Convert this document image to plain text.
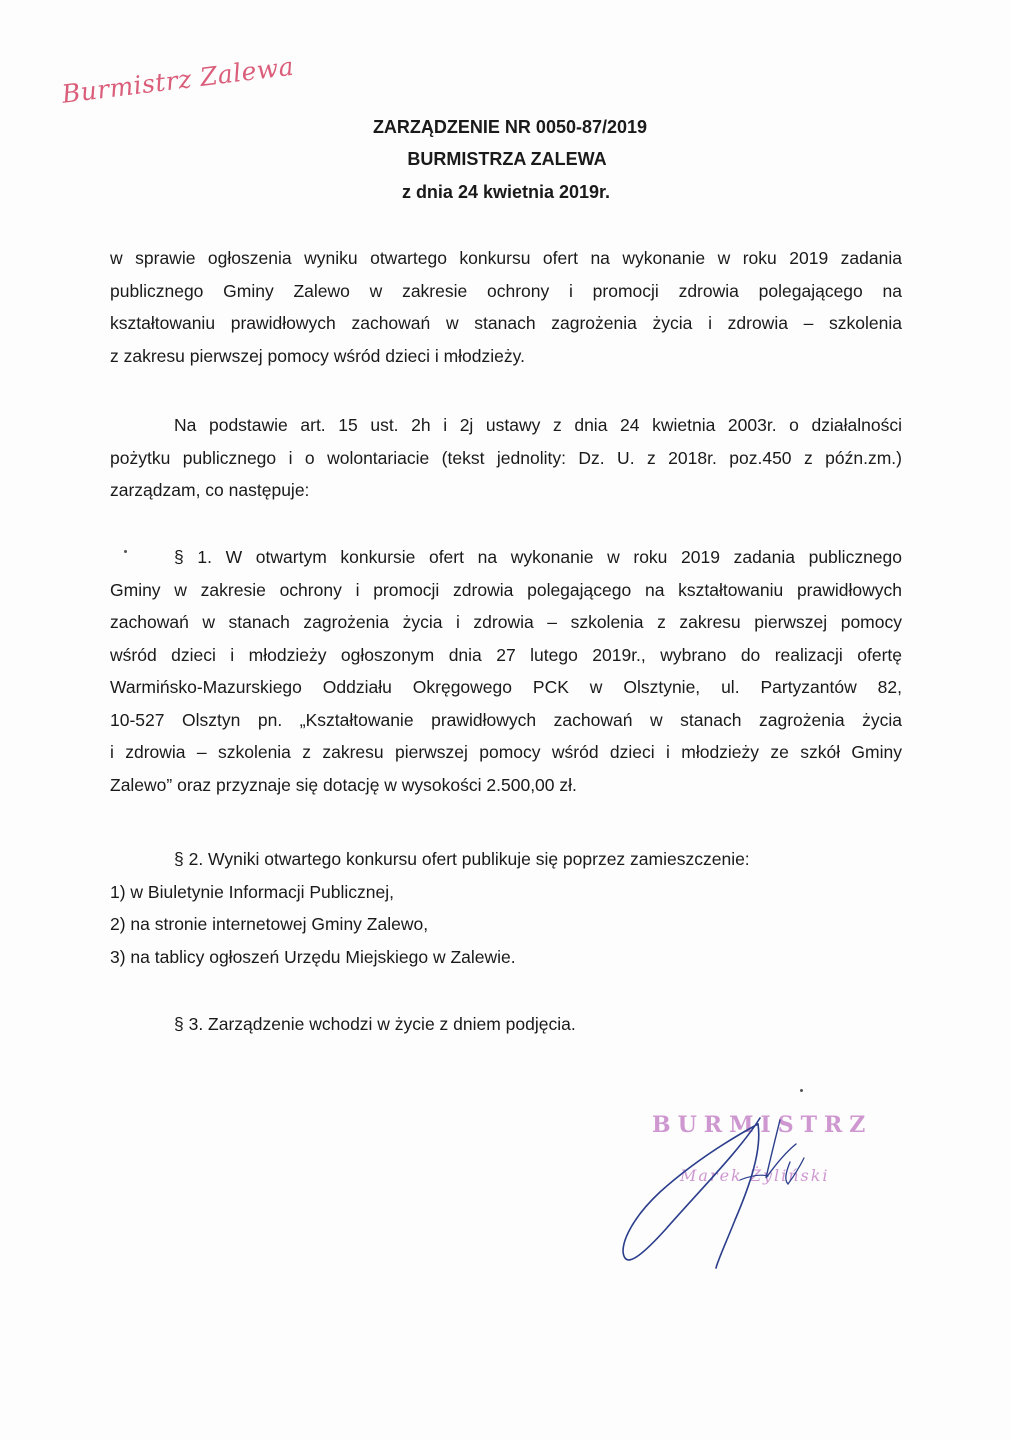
Burmistrz Zalewa
ZARZĄDZENIE NR 0050-87/2019
BURMISTRZA ZALEWA
z dnia 24 kwietnia 2019r.
w sprawie ogłoszenia wyniku otwartego konkursu ofert na wykonanie w roku 2019 zadania
publicznego Gminy Zalewo w zakresie ochrony i promocji zdrowia polegającego na
kształtowaniu prawidłowych zachowań w stanach zagrożenia życia i zdrowia – szkolenia
z zakresu pierwszej pomocy wśród dzieci i młodzieży.
Na podstawie art. 15 ust. 2h i 2j ustawy z dnia 24 kwietnia 2003r. o działalności
pożytku publicznego i o wolontariacie (tekst jednolity: Dz. U. z 2018r. poz.450 z późn.zm.)
zarządzam, co następuje:
§ 1. W otwartym konkursie ofert na wykonanie w roku 2019 zadania publicznego
Gminy w zakresie ochrony i promocji zdrowia polegającego na kształtowaniu prawidłowych
zachowań w stanach zagrożenia życia i zdrowia – szkolenia z zakresu pierwszej pomocy
wśród dzieci i młodzieży ogłoszonym dnia 27 lutego 2019r., wybrano do realizacji ofertę
Warmińsko-Mazurskiego Oddziału Okręgowego PCK w Olsztynie, ul. Partyzantów 82,
10-527 Olsztyn pn. „Kształtowanie prawidłowych zachowań w stanach zagrożenia życia
i zdrowia – szkolenia z zakresu pierwszej pomocy wśród dzieci i młodzieży ze szkół Gminy
Zalewo” oraz przyznaje się dotację w wysokości 2.500,00 zł.
§ 2. Wyniki otwartego konkursu ofert publikuje się poprzez zamieszczenie:
1) w Biuletynie Informacji Publicznej,
2) na stronie internetowej Gminy Zalewo,
3) na tablicy ogłoszeń Urzędu Miejskiego w Zalewie.
§ 3. Zarządzenie wchodzi w życie z dniem podjęcia.
BURMISTRZ
Marek Żyliński
